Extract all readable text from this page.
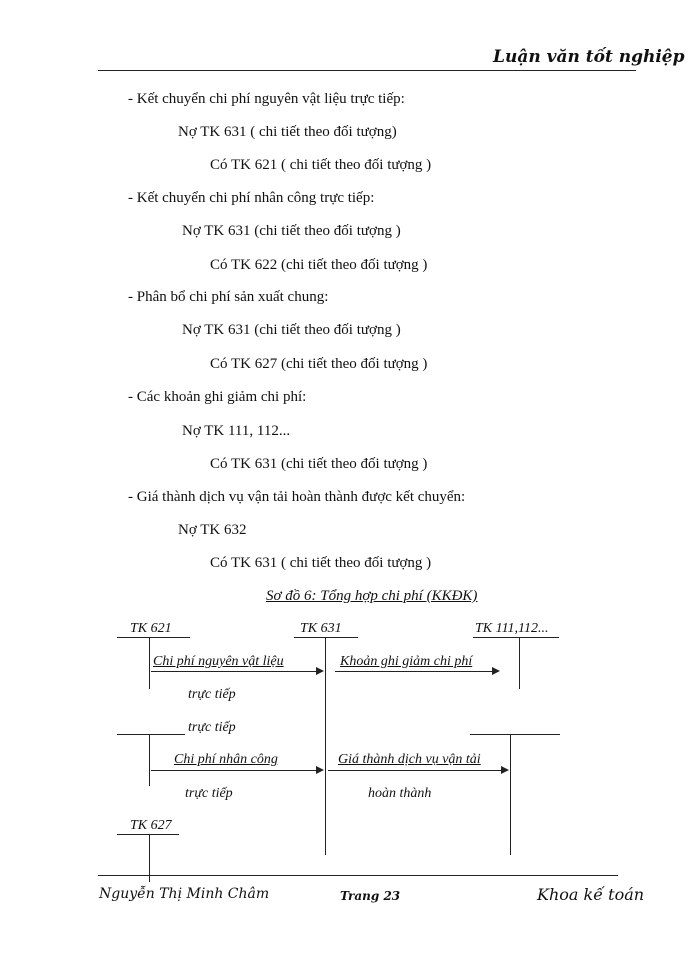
Luận văn tốt nghiệp
- Kết chuyển chi phí nguyên vật liệu trực tiếp:
Nợ TK 631 ( chi tiết theo đối tượng)
Có TK 621 ( chi tiết theo đối tượng )
- Kết chuyển chi phí nhân công trực tiếp:
Nợ TK 631 (chi tiết theo đối tượng )
Có TK 622 (chi tiết theo đối tượng )
- Phân bổ chi phí sản xuất chung:
Nợ TK 631 (chi tiết theo đối tượng )
Có TK 627 (chi tiết theo đối tượng )
- Các khoản ghi giảm chi phí:
Nợ TK 111, 112...
Có TK 631 (chi tiết theo đối tượng )
- Giá thành dịch vụ vận tải hoàn thành được kết chuyển:
Nợ TK 632
Có TK 631 ( chi tiết theo đối tượng )
Sơ đồ 6: Tổng hợp chi phí (KKĐK)
TK 621	TK 631	TK 111,112...
Chi phí nguyên vật liệu	Khoản ghi giảm chi phí
trực tiếp
trực tiếp
Chi phí nhân công	Giá thành dịch vụ vận tải
trực tiếp	hoàn thành
TK 627
Nguyễn Thị Minh Châm	Trang 23	Khoa kế toán
